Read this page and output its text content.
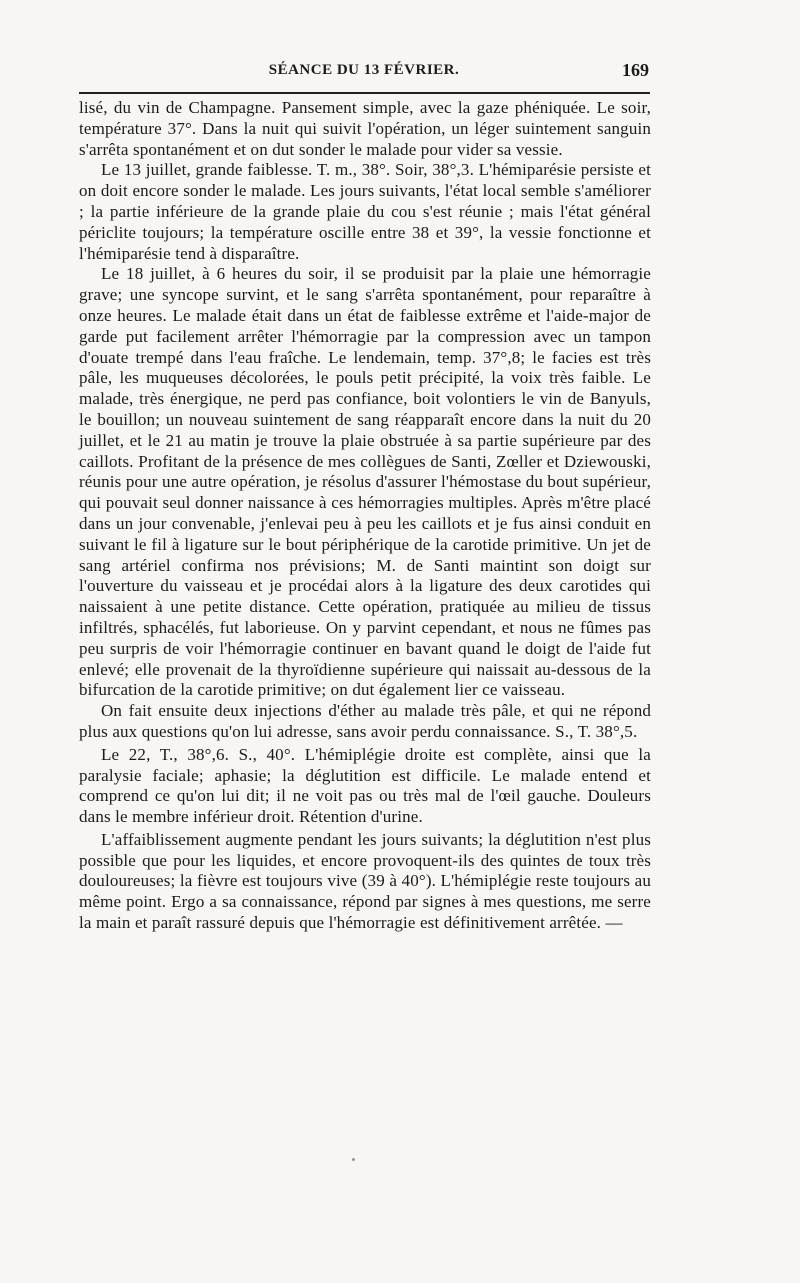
SÉANCE DU 13 FÉVRIER.	169

lisé, du vin de Champagne. Pansement simple, avec la gaze phéniquée. Le soir, température 37°. Dans la nuit qui suivit l'opération, un léger suintement sanguin s'arrêta spontanément et on dut sonder le malade pour vider sa vessie.

Le 13 juillet, grande faiblesse. T. m., 38°. Soir, 38°,3. L'hémiparésie persiste et on doit encore sonder le malade. Les jours suivants, l'état local semble s'améliorer ; la partie inférieure de la grande plaie du cou s'est réunie ; mais l'état général périclite toujours; la température oscille entre 38 et 39°, la vessie fonctionne et l'hémiparésie tend à disparaître.

Le 18 juillet, à 6 heures du soir, il se produisit par la plaie une hémorragie grave; une syncope survint, et le sang s'arrêta spontanément, pour reparaître à onze heures. Le malade était dans un état de faiblesse extrême et l'aide-major de garde put facilement arrêter l'hémorragie par la compression avec un tampon d'ouate trempé dans l'eau fraîche. Le lendemain, temp. 37°,8; le facies est très pâle, les muqueuses décolorées, le pouls petit précipité, la voix très faible. Le malade, très énergique, ne perd pas confiance, boit volontiers le vin de Banyuls, le bouillon; un nouveau suintement de sang réapparaît encore dans la nuit du 20 juillet, et le 21 au matin je trouve la plaie obstruée à sa partie supérieure par des caillots. Profitant de la présence de mes collègues de Santi, Zœller et Dziewouski, réunis pour une autre opération, je résolus d'assurer l'hémostase du bout supérieur, qui pouvait seul donner naissance à ces hémorragies multiples. Après m'être placé dans un jour convenable, j'enlevai peu à peu les caillots et je fus ainsi conduit en suivant le fil à ligature sur le bout périphérique de la carotide primitive. Un jet de sang artériel confirma nos prévisions; M. de Santi maintint son doigt sur l'ouverture du vaisseau et je procédai alors à la ligature des deux carotides qui naissaient à une petite distance. Cette opération, pratiquée au milieu de tissus infiltrés, sphacélés, fut laborieuse. On y parvint cependant, et nous ne fûmes pas peu surpris de voir l'hémorragie continuer en bavant quand le doigt de l'aide fut enlevé; elle provenait de la thyroïdienne supérieure qui naissait au-dessous de la bifurcation de la carotide primitive; on dut également lier ce vaisseau.

On fait ensuite deux injections d'éther au malade très pâle, et qui ne répond plus aux questions qu'on lui adresse, sans avoir perdu connaissance. S., T. 38°,5.

Le 22, T., 38°,6. S., 40°. L'hémiplégie droite est complète, ainsi que la paralysie faciale; aphasie; la déglutition est difficile. Le malade entend et comprend ce qu'on lui dit; il ne voit pas ou très mal de l'œil gauche. Douleurs dans le membre inférieur droit. Rétention d'urine.

L'affaiblissement augmente pendant les jours suivants; la déglutition n'est plus possible que pour les liquides, et encore provoquent-ils des quintes de toux très douloureuses; la fièvre est toujours vive (39 à 40°). L'hémiplégie reste toujours au même point. Ergo a sa connaissance, répond par signes à mes questions, me serre la main et paraît rassuré depuis que l'hémorragie est définitivement arrêtée. —
